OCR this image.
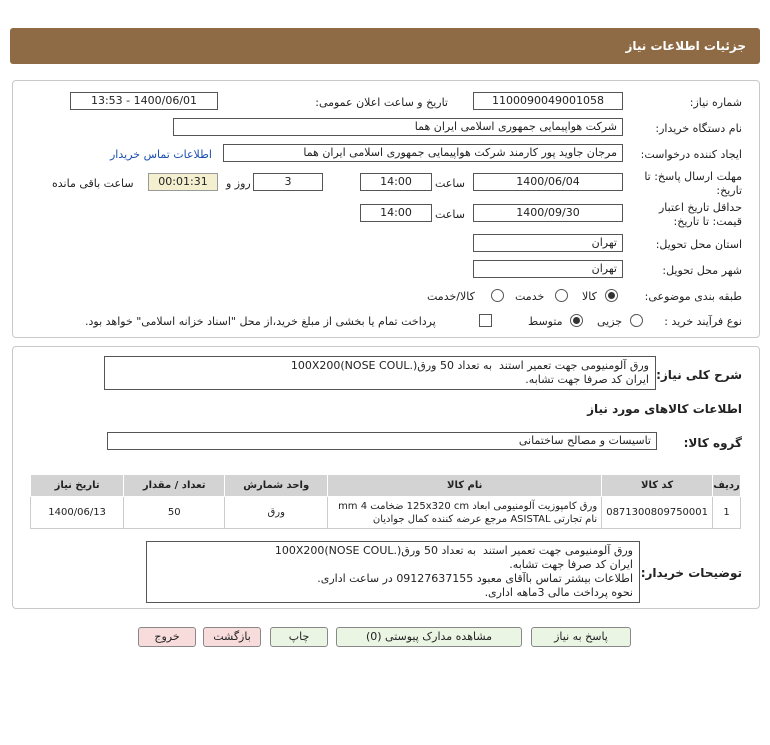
جزئیات اطلاعات نیاز
شماره نیاز:
1100090049001058
تاریخ و ساعت اعلان عمومی:
1400/06/01 - 13:53
نام دستگاه خریدار:
شرکت هواپیمایی جمهوری اسلامی ایران هما
ایجاد کننده درخواست:
مرجان جاوید پور کارمند شرکت هواپیمایی جمهوری اسلامی ایران هما
اطلاعات تماس خریدار
مهلت ارسال پاسخ: تا
تاریخ:
1400/06/04
ساعت
14:00
3
روز و
00:01:31
ساعت باقی مانده
حداقل تاریخ اعتبار
قیمت: تا تاریخ:
1400/09/30
ساعت
14:00
استان محل تحویل:
تهران
شهر محل تحویل:
تهران
طبقه بندی موضوعی:
کالا
خدمت
کالا/خدمت
نوع فرآیند خرید :
جزیی
متوسط
پرداخت تمام یا بخشی از مبلغ خرید،از محل "اسناد خزانه اسلامی" خواهد بود.
شرح کلی نیاز:
ورق آلومنیومی جهت تعمیر استند  به تعداد 50 ورق(.100X200(NOSE COUL
ایران کد صرفا جهت تشابه.
اطلاعات کالاهای مورد نیاز
گروه کالا:
تاسیسات و مصالح ساختمانی
ردیف	کد کالا	نام کالا	واحد شمارش	تعداد / مقدار	تاریخ نیاز
1	0871300809750001	ورق کامپوزیت آلومنیومی ابعاد 125x320 cm ضخامت 4 mm نام تجارتی ASISTAL مرجع عرضه کننده کمال جوادیان	ورق	50	1400/06/13
توضیحات خریدار:
ورق آلومنیومی جهت تعمیر استند  به تعداد 50 ورق(.100X200(NOSE COUL
ایران کد صرفا جهت تشابه.
اطلاعات بیشتر تماس باآقای معبود 09127637155 در ساعت اداری.
نحوه پرداخت مالی 3ماهه اداری.
پاسخ به نیاز
مشاهده مدارک پیوستی (0)
چاپ
بازگشت
خروج
